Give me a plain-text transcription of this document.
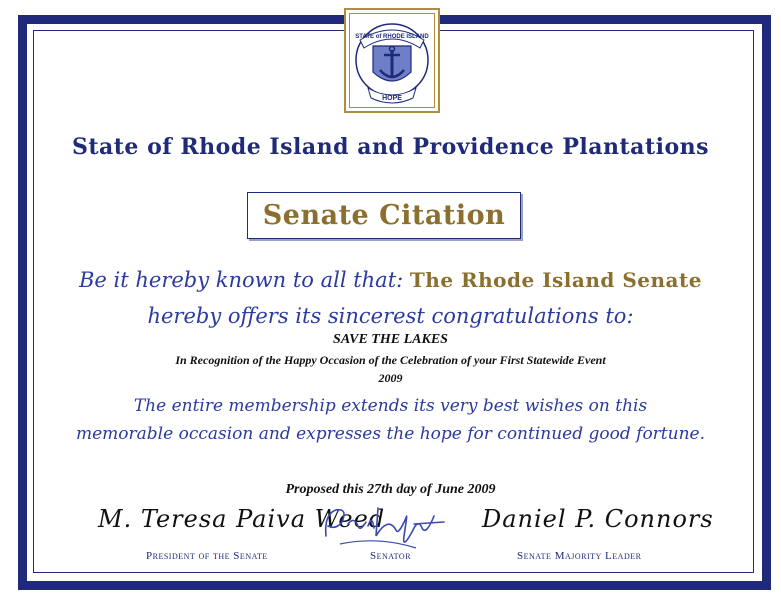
STATE of RHODE ISLAND
HOPE
State of Rhode Island and Providence Plantations
Senate Citation
Be it hereby known to all that: The Rhode Island Senate
hereby offers its sincerest congratulations to:
SAVE THE LAKES
In Recognition of the Happy Occasion of the Celebration of your First Statewide Event
2009
The entire membership extends its very best wishes on this
memorable occasion and expresses the hope for continued good fortune.
Proposed this 27th day of June 2009
M. Teresa Paiva Weed	Daniel P. Connors
President of the Senate	Senator	Senate Majority Leader
